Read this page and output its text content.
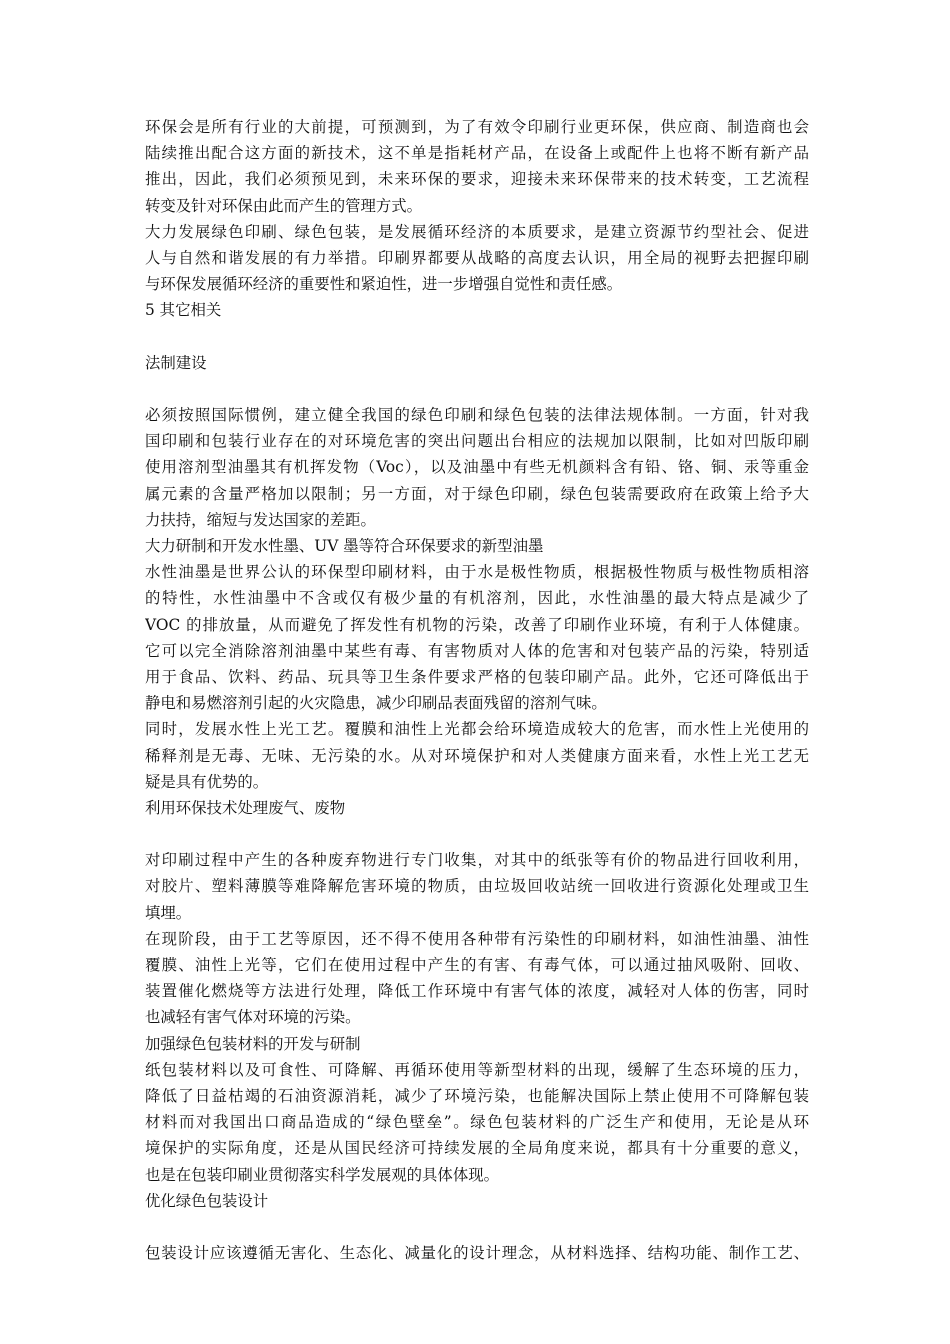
环保会是所有行业的大前提，可预测到，为了有效令印刷行业更环保，供应商、制造商也会
陆续推出配合这方面的新技术，这不单是指耗材产品，在设备上或配件上也将不断有新产品
推出，因此，我们必须预见到，未来环保的要求，迎接未来环保带来的技术转变，工艺流程
转变及针对环保由此而产生的管理方式。
大力发展绿色印刷、绿色包装，是发展循环经济的本质要求，是建立资源节约型社会、促进
人与自然和谐发展的有力举措。印刷界都要从战略的高度去认识，用全局的视野去把握印刷
与环保发展循环经济的重要性和紧迫性，进一步增强自觉性和责任感。
5 其它相关
法制建设
必须按照国际惯例，建立健全我国的绿色印刷和绿色包装的法律法规体制。一方面，针对我
国印刷和包装行业存在的对环境危害的突出问题出台相应的法规加以限制，比如对凹版印刷
使用溶剂型油墨其有机挥发物（Voc），以及油墨中有些无机颜料含有铅、铬、铜、汞等重金
属元素的含量严格加以限制；另一方面，对于绿色印刷，绿色包装需要政府在政策上给予大
力扶持，缩短与发达国家的差距。
大力研制和开发水性墨、UV 墨等符合环保要求的新型油墨
水性油墨是世界公认的环保型印刷材料，由于水是极性物质，根据极性物质与极性物质相溶
的特性，水性油墨中不含或仅有极少量的有机溶剂，因此，水性油墨的最大特点是减少了
VOC 的排放量，从而避免了挥发性有机物的污染，改善了印刷作业环境，有利于人体健康。
它可以完全消除溶剂油墨中某些有毒、有害物质对人体的危害和对包装产品的污染，特别适
用于食品、饮料、药品、玩具等卫生条件要求严格的包装印刷产品。此外，它还可降低出于
静电和易燃溶剂引起的火灾隐患，减少印刷品表面残留的溶剂气味。
同时，发展水性上光工艺。覆膜和油性上光都会给环境造成较大的危害，而水性上光使用的
稀释剂是无毒、无味、无污染的水。从对环境保护和对人类健康方面来看，水性上光工艺无
疑是具有优势的。
利用环保技术处理废气、废物
对印刷过程中产生的各种废弃物进行专门收集，对其中的纸张等有价的物品进行回收利用，
对胶片、塑料薄膜等难降解危害环境的物质，由垃圾回收站统一回收进行资源化处理或卫生
填埋。
在现阶段，由于工艺等原因，还不得不使用各种带有污染性的印刷材料，如油性油墨、油性
覆膜、油性上光等，它们在使用过程中产生的有害、有毒气体，可以通过抽风吸附、回收、
装置催化燃烧等方法进行处理，降低工作环境中有害气体的浓度，减轻对人体的伤害，同时
也减轻有害气体对环境的污染。
加强绿色包装材料的开发与研制
纸包装材料以及可食性、可降解、再循环使用等新型材料的出现，缓解了生态环境的压力，
降低了日益枯竭的石油资源消耗，减少了环境污染，也能解决国际上禁止使用不可降解包装
材料而对我国出口商品造成的“绿色壁垒”。绿色包装材料的广泛生产和使用，无论是从环
境保护的实际角度，还是从国民经济可持续发展的全局角度来说，都具有十分重要的意义，
也是在包装印刷业贯彻落实科学发展观的具体体现。
优化绿色包装设计
包装设计应该遵循无害化、生态化、减量化的设计理念，从材料选择、结构功能、制作工艺、
